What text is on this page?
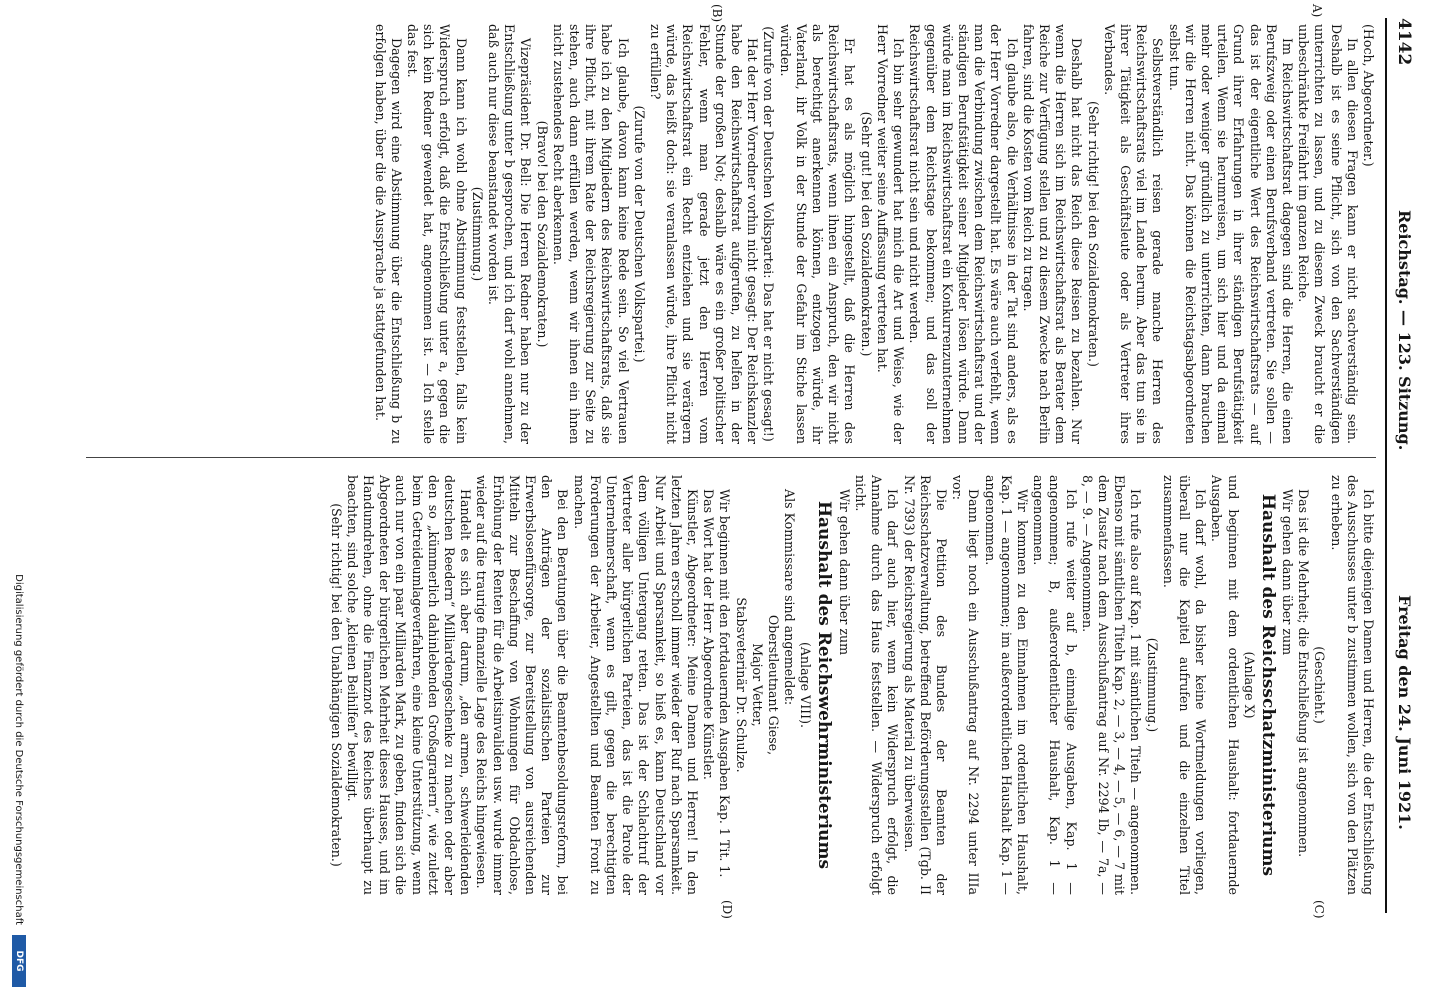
4142
Reichstag. — 123. Sitzung.
Freitag den 24. Juni 1921.
A)
(B)
(C)
(D)

(Hoch, Abgeordneter.)

In allen diesen Fragen kann er nicht sachverständig sein. Deshalb ist es seine Pflicht, sich von den Sachverständigen unterrichten zu lassen, und zu diesem Zweck braucht er die unbeschränkte Freifahrt im ganzen Reiche.

Im Reichswirtschaftsrat dagegen sind die Herren, die einen Berufszweig oder einen Berufsverband vertreten. Sie sollen — das ist der eigentliche Wert des Reichswirtschaftsrats — auf Grund ihrer Erfahrungen in ihrer ständigen Berufstätigkeit urteilen. Wenn sie herumreisen, um sich hier und da einmal mehr oder weniger gründlich zu unterrichten, dann brauchen wir die Herren nicht. Das können die Reichstagsabgeordneten selbst tun.

Selbstverständlich reisen gerade manche Herren des Reichswirtschaftsrats viel im Lande herum. Aber das tun sie in ihrer Tätigkeit als Geschäftsleute oder als Vertreter ihres Verbandes.

(Sehr richtig! bei den Sozialdemokraten.)

Deshalb hat nicht das Reich diese Reisen zu bezahlen. Nur wenn die Herren sich im Reichswirtschaftsrat als Berater dem Reiche zur Verfügung stellen und zu diesem Zwecke nach Berlin fahren, sind die Kosten vom Reich zu tragen.

Ich glaube also, die Verhältnisse in der Tat sind anders, als es der Herr Vorredner dargestellt hat. Es wäre auch verfehlt, wenn man die Verbindung zwischen dem Reichswirtschaftsrat und der ständigen Berufstätigkeit seiner Mitglieder lösen würde. Dann würde man im Reichswirtschaftsrat ein Konkurrenzunternehmen gegenüber dem Reichstage bekommen; und das soll der Reichswirtschaftsrat nicht sein und nicht werden.

Ich bin sehr gewundert hat mich die Art und Weise, wie der Herr Vorredner weiter seine Auffassung vertreten hat.

(Sehr gut! bei den Sozialdemokraten.)

Er hat es als möglich hingestellt, daß die Herren des Reichswirtschaftsrats, wenn ihnen ein Anspruch, den wir nicht als berechtigt anerkennen können, entzogen würde, ihr Vaterland, ihr Volk in der Stunde der Gefahr im Stiche lassen würden.

(Zurufe von der Deutschen Volkspartei: Das hat er nicht gesagt!)

Hat der Herr Vorredner vorhin nicht gesagt: Der Reichskanzler habe den Reichswirtschaftsrat aufgerufen, zu helfen in der Stunde der großen Not; deshalb wäre es ein großer politischer Fehler, wenn man gerade jetzt den Herren vom Reichswirtschaftsrat ein Recht entziehen und sie verärgern würde, das heißt doch: sie veranlassen würde, ihre Pflicht nicht zu erfüllen?

(Zurufe von der Deutschen Volkspartei.)

Ich glaube, davon kann keine Rede sein. So viel Vertrauen habe ich zu den Mitgliedern des Reichswirtschaftsrats, daß sie ihre Pflicht, mit ihrem Rate der Reichsregierung zur Seite zu stehen, auch dann erfüllen werden, wenn wir ihnen ein ihnen nicht zustehendes Recht aberkennen.

(Bravo! bei den Sozialdemokraten.)

Vizepräsident Dr. Bell: Die Herren Redner haben nur zu der Entschließung unter b gesprochen, und ich darf wohl annehmen, daß auch nur diese beanstandet worden ist.

(Zustimmung.)

Dann kann ich wohl ohne Abstimmung feststellen, falls kein Widerspruch erfolgt, daß die Entschließung unter a, gegen die sich kein Redner gewendet hat, angenommen ist. — Ich stelle das fest.

Dagegen wird eine Abstimmung über die Entschließung b zu erfolgen haben, über die die Aussprache ja stattgefunden hat.

Ich bitte diejenigen Damen und Herren, die der Entschließung des Ausschusses unter b zustimmen wollen, sich von den Plätzen zu erheben.

(Geschieht.)

Das ist die Mehrheit; die Entschließung ist angenommen.

Wir gehen dann über zum

Haushalt des Reichsschatzministeriums

(Anlage X)

und beginnen mit dem ordentlichen Haushalt: fortdauernde Ausgaben.

Ich darf wohl, da bisher keine Wortmeldungen vorliegen, überall nur die Kapitel aufrufen und die einzelnen Titel zusammenfassen.

(Zustimmung.)

Ich rufe also auf Kap. 1 mit sämtlichen Titeln — angenommen. Ebenso mit sämtlichen Titeln Kap. 2, — 3, — 4, — 5, — 6, — 7 mit dem Zusatz nach dem Ausschußantrag auf Nr. 2294 Ib, — 7a, — 8, — 9. — Angenommen.

Ich rufe weiter auf b, einmalige Ausgaben, Kap. 1 — angenommen; B, außerordentlicher Haushalt, Kap. 1 — angenommen.

Wir kommen zu den Einnahmen im ordentlichen Haushalt, Kap. 1 — angenommen; im außerordentlichen Haushalt Kap. 1 — angenommen.

Dann liegt noch ein Ausschußantrag auf Nr. 2294 unter IIIa vor:

Die Petition des Bundes der Beamten der Reichsschatzverwaltung, betreffend Beförderungsstellen (Tgb. II Nr. 7393) der Reichsregierung als Material zu überweisen.

Ich darf auch hier, wenn kein Widerspruch erfolgt, die Annahme durch das Haus feststellen. — Widerspruch erfolgt nicht.

Wir gehen dann über zum

Haushalt des Reichswehrministeriums

(Anlage VIII).

Als Kommissare sind angemeldet:

Oberstleutnant Giese,

Major Vetter,

Stabsveterinär Dr. Schulze.

Wir beginnen mit den fortdauernden Ausgaben Kap. 1 Tit. 1.

Das Wort hat der Herr Abgeordnete Künstler.

Künstler, Abgeordneter: Meine Damen und Herren! In den letzten Jahren erscholl immer wieder der Ruf nach Sparsamkeit. Nur Arbeit und Sparsamkeit, so hieß es, kann Deutschland vor dem völligen Untergang retten. Das ist der Schlachtruf der Vertreter aller bürgerlichen Parteien, das ist die Parole der Unternehmerschaft, wenn es gilt, gegen die berechtigten Forderungen der Arbeiter, Angestellten und Beamten Front zu machen.

Bei den Beratungen über die Beamtenbesoldungsreform, bei den Anträgen der sozialistischen Parteien zur Erwerbslosenfürsorge, zur Bereitstellung von ausreichenden Mitteln zur Beschaffung von Wohnungen für Obdachlose, Erhöhung der Renten für die Arbeitsinvaliden usw. wurde immer wieder auf die traurige finanzielle Lage des Reichs hingewiesen.

Handelt es sich aber darum, „den armen, schwerleidenden deutschen Reedern“ Milliardengeschenke zu machen oder aber den so „kümmerlich dahinlebenden Großagrariern“, wie zuletzt beim Getreideumlageverfahren, eine kleine Unterstützung, wenn auch nur von ein paar Milliarden Mark, zu geben, finden sich die Abgeordneten der bürgerlichen Mehrheit dieses Hauses, und im Handumdrehen, ohne die Finanznot des Reiches überhaupt zu beachten, sind solche „kleinen Beihilfen“ bewilligt.

(Sehr richtig! bei den Unabhängigen Sozialdemokraten.)

Digitalisierung gefördert durch die Deutsche Forschungsgemeinschaft
DFG
